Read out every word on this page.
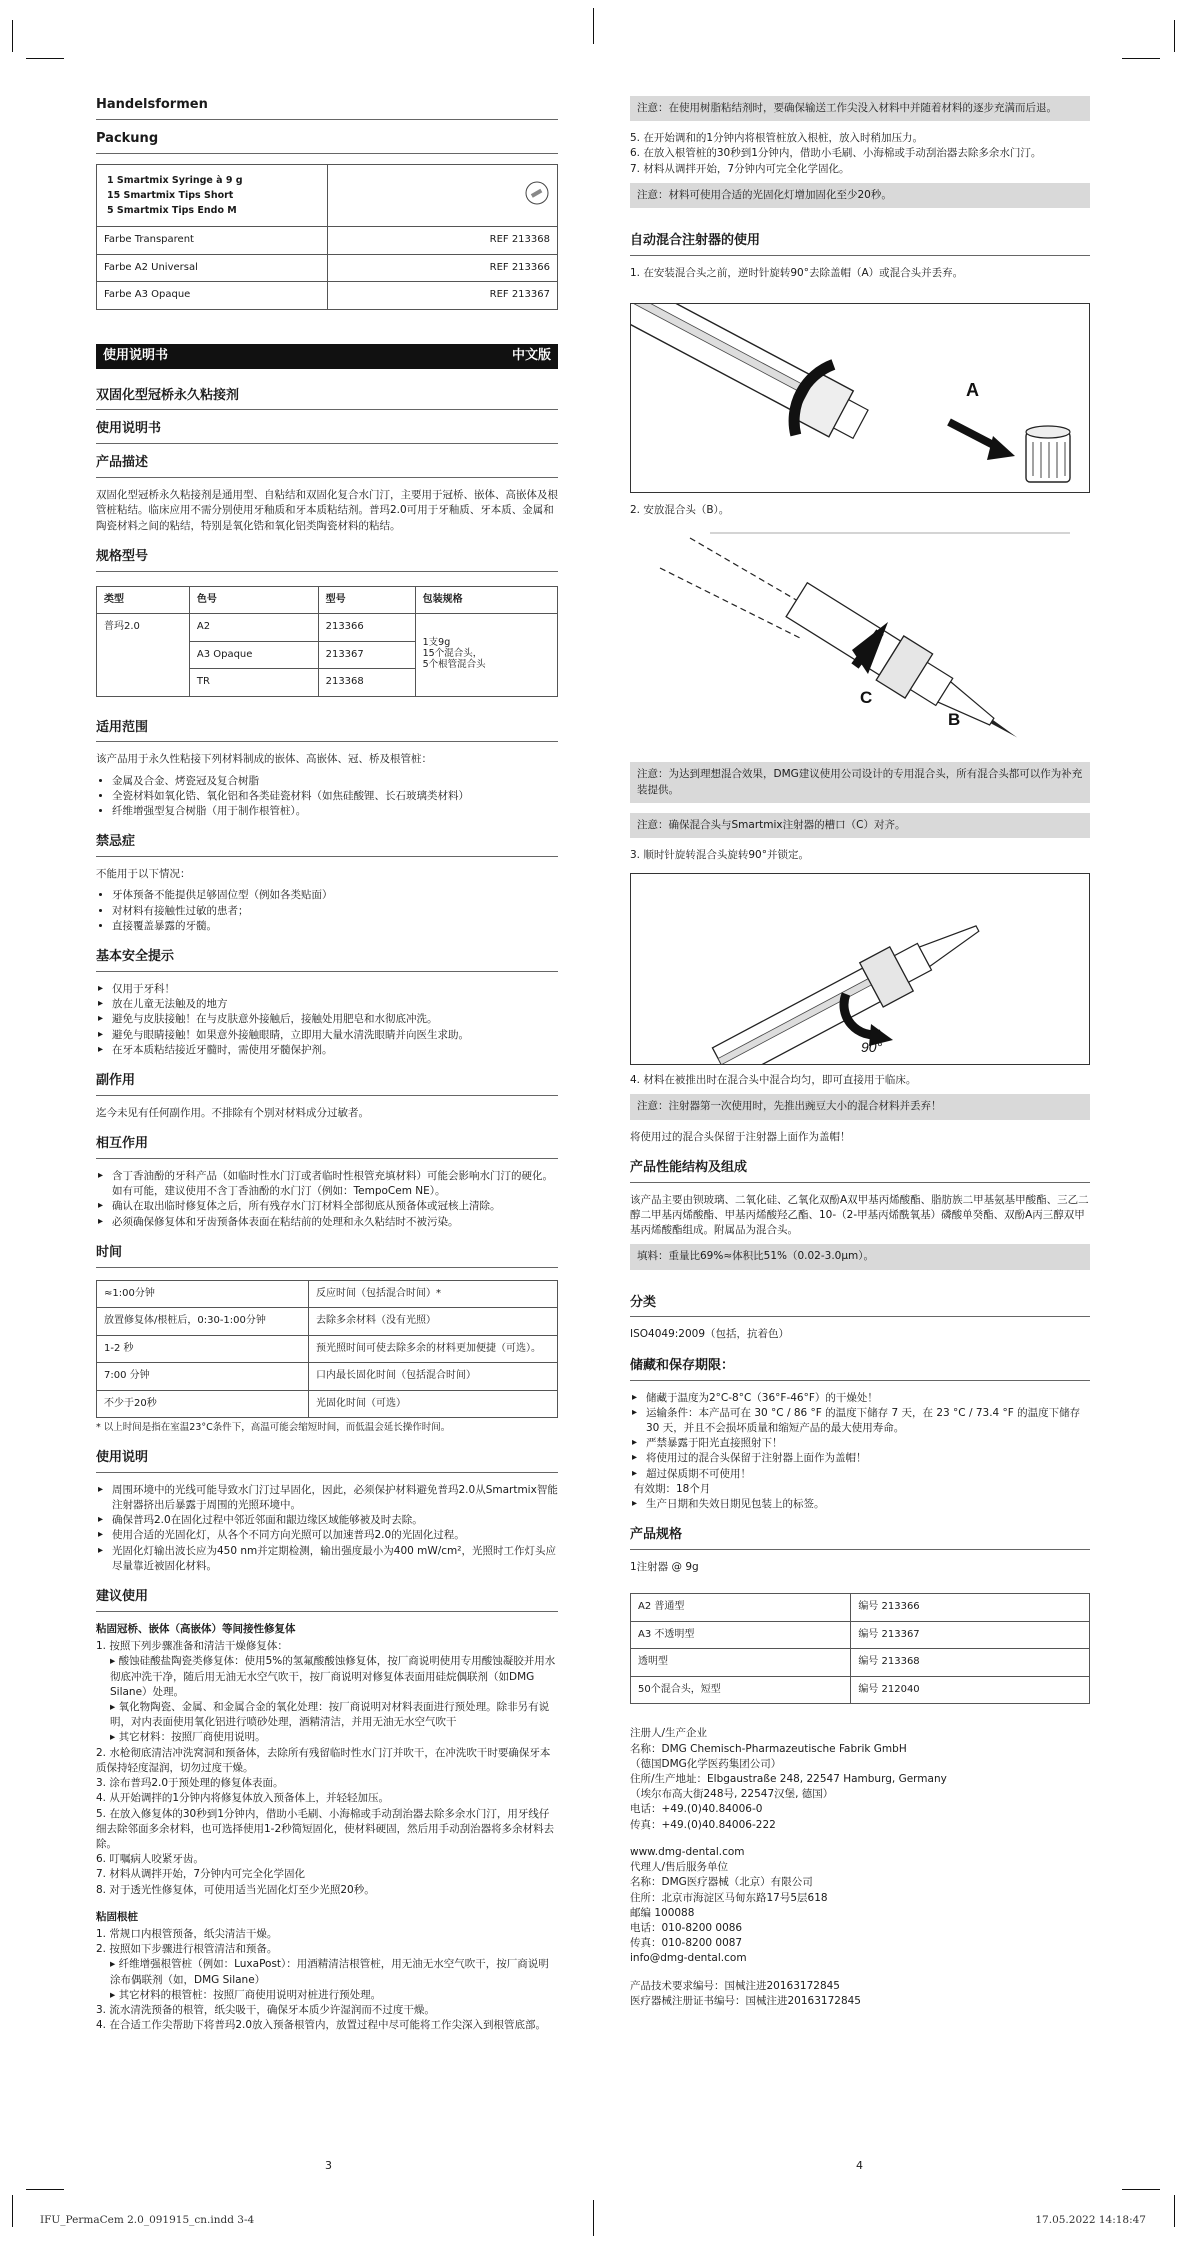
Handelsformen
Packung
1 Smartmix Syringe à 9 g
15 Smartmix Tips Short
5 Smartmix Tips Endo M

Farbe Transparent	REF 213368
Farbe A2 Universal	REF 213366
Farbe A3 Opaque	REF 213367
使用说明书	中文版
双固化型冠桥永久粘接剂
使用说明书
产品描述

双固化型冠桥永久粘接剂是通用型、自粘结和双固化复合水门汀，主要用于冠桥、嵌体、高嵌体及根管桩粘结。临床应用不需分别使用牙釉质和牙本质粘结剂。普玛2.0可用于牙釉质、牙本质、金属和陶瓷材料之间的粘结，特别是氧化锆和氧化铝类陶瓷材料的粘结。

规格型号
类型	色号	型号	包装规格
普玛2.0	A2	213366	1支9g
15个混合头，
5个根管混合头

	A3 Opaque	213367	
	TR	213368	
适用范围

该产品用于永久性粘接下列材料制成的嵌体、高嵌体、冠、桥及根管桩：

• 金属及合金、烤瓷冠及复合树脂
• 全瓷材料如氧化锆、氧化铝和各类硅瓷材料（如焦硅酸锂、长石玻璃类材料）
• 纤维增强型复合树脂（用于制作根管桩）。
禁忌症

不能用于以下情况：

• 牙体预备不能提供足够固位型（例如各类贴面）
• 对材料有接触性过敏的患者；
• 直接覆盖暴露的牙髓。
基本安全提示
▸ 仅用于牙科！
▸ 放在儿童无法触及的地方
▸ 避免与皮肤接触！在与皮肤意外接触后，接触处用肥皂和水彻底冲洗。
▸ 避免与眼睛接触！如果意外接触眼睛，立即用大量水清洗眼睛并向医生求助。
▸ 在牙本质粘结接近牙髓时，需使用牙髓保护剂。
副作用

迄今未见有任何副作用。不排除有个别对材料成分过敏者。

相互作用
▸ 含丁香油酚的牙科产品（如临时性水门汀或者临时性根管充填材料）可能会影响水门汀的硬化。如有可能，建议使用不含丁香油酚的水门汀（例如：TempoCem NE）。
▸ 确认在取出临时修复体之后，所有残存水门汀材料全部彻底从预备体或冠核上清除。
▸ 必须确保修复体和牙齿预备体表面在粘结前的处理和永久粘结时不被污染。
时间
≈1:00分钟	反应时间（包括混合时间）*
放置修复体/根桩后，0:30-1:00分钟	去除多余材料（没有光照）
1-2 秒	预光照时间可使去除多余的材料更加便捷（可选）。
7:00 分钟	口内最长固化时间（包括混合时间）
不少于20秒	光固化时间（可选）

* 以上时间是指在室温23°C条件下，高温可能会缩短时间，而低温会延长操作时间。

使用说明
▸ 周围环境中的光线可能导致水门汀过早固化，因此，必须保护材料避免普玛2.0从Smartmix智能注射器挤出后暴露于周围的光照环境中。
▸ 确保普玛2.0在固化过程中邻近邻面和龈边缘区域能够被及时去除。
▸ 使用合适的光固化灯，从各个不同方向光照可以加速普玛2.0的光固化过程。
▸ 光固化灯输出波长应为450 nm并定期检测，输出强度最小为400 mW/cm²，光照时工作灯头应尽量靠近被固化材料。
建议使用
粘固冠桥、嵌体（高嵌体）等间接性修复体
1. 按照下列步骤准备和清洁干燥修复体：
▸ 酸蚀硅酸盐陶瓷类修复体：使用5%的氢氟酸酸蚀修复体，按厂商说明使用专用酸蚀凝胶并用水彻底冲洗干净，随后用无油无水空气吹干，按厂商说明对修复体表面用硅烷偶联剂（如DMG Silane）处理。
▸ 氧化物陶瓷、金属、和金属合金的氧化处理：按厂商说明对材料表面进行预处理。除非另有说明，对内表面使用氧化铝进行喷砂处理，酒精清洁，并用无油无水空气吹干
▸ 其它材料：按照厂商使用说明。
2. 水枪彻底清洁冲洗窝洞和预备体，去除所有残留临时性水门汀并吹干，在冲洗吹干时要确保牙本质保持轻度湿润，切勿过度干燥。
3. 涂布普玛2.0于预处理的修复体表面。
4. 从开始调拌的1分钟内将修复体放入预备体上，并轻轻加压。
5. 在放入修复体的30秒到1分钟内，借助小毛刷、小海棉或手动刮治器去除多余水门汀，用牙线仔细去除邻面多余材料，也可选择使用1-2秒简短固化，使材料硬固，然后用手动刮治器将多余材料去除。
6. 叮嘱病人咬紧牙齿。
7. 材料从调拌开始，7分钟内可完全化学固化
8. 对于透光性修复体，可使用适当光固化灯至少光照20秒。
粘固根桩
1. 常规口内根管预备，纸尖清洁干燥。
2. 按照如下步骤进行根管清洁和预备。
▸ 纤维增强根管桩（例如：LuxaPost）：用酒精清洁根管桩，用无油无水空气吹干，按厂商说明涂布偶联剂（如，DMG Silane）
▸ 其它材料的根管桩：按照厂商使用说明对桩进行预处理。
3. 流水清洗预备的根管，纸尖吸干，确保牙本质少许湿润而不过度干燥。
4. 在合适工作尖帮助下将普玛2.0放入预备根管内，放置过程中尽可能将工作尖深入到根管底部。
注意：在使用树脂粘结剂时，要确保输送工作尖没入材料中并随着材料的逐步充满而后退。
5. 在开始调和的1分钟内将根管桩放入根桩，放入时稍加压力。
6. 在放入根管桩的30秒到1分钟内，借助小毛刷、小海棉或手动刮治器去除多余水门汀。
7. 材料从调拌开始，7分钟内可完全化学固化。
注意：材料可使用合适的光固化灯增加固化至少20秒。
自动混合注射器的使用

1. 在安装混合头之前，逆时针旋转90°去除盖帽（A）或混合头并丢弃。

A

2. 安放混合头（B）。

C
B
注意：为达到理想混合效果，DMG建议使用公司设计的专用混合头，所有混合头都可以作为补充装提供。
注意：确保混合头与Smartmix注射器的槽口（C）对齐。

3. 顺时针旋转混合头旋转90°并锁定。

90°

4. 材料在被推出时在混合头中混合均匀，即可直接用于临床。

注意：注射器第一次使用时，先推出豌豆大小的混合材料并丢弃！

将使用过的混合头保留于注射器上面作为盖帽！

产品性能结构及组成

该产品主要由钡玻璃、二氧化硅、乙氧化双酚A双甲基丙烯酸酯、脂肪族二甲基氨基甲酸酯、三乙二醇二甲基丙烯酸酯、甲基丙烯酸羟乙酯、10-（2-甲基丙烯酰氧基）磷酸单癸酯、双酚A丙三醇双甲基丙烯酸酯组成。附属品为混合头。

填料：重量比69%≈体积比51%（0.02-3.0μm）。
分类

ISO4049:2009（包括，抗着色）

储藏和保存期限：
▸ 储藏于温度为2°C-8°C（36°F-46°F）的干燥处！
▸ 运输条件：本产品可在 30 °C / 86 °F 的温度下储存 7 天，在 23 °C / 73.4 °F 的温度下储存 30 天，并且不会损坏质量和缩短产品的最大使用寿命。
▸ 严禁暴露于阳光直接照射下！
▸ 将使用过的混合头保留于注射器上面作为盖帽！
▸ 超过保质期不可使用！
有效期：18个月
▸ 生产日期和失效日期见包装上的标签。
产品规格

1注射器 @ 9g

A2 普通型	编号 213366
A3 不透明型	编号 213367
透明型	编号 213368
50个混合头，短型	编号 212040
注册人/生产企业
名称：DMG Chemisch-Pharmazeutische Fabrik GmbH
（德国DMG化学医药集团公司）
住所/生产地址：Elbgaustraße 248, 22547 Hamburg, Germany
（埃尔布高大街248号, 22547汉堡, 德国）
电话：+49.(0)40.84006-0
传真：+49.(0)40.84006-222
www.dmg-dental.com
代理人/售后服务单位
名称：DMG医疗器械（北京）有限公司
住所：北京市海淀区马甸东路17号5层618
邮编 100088
电话：010-8200 0086
传真：010-8200 0087
info@dmg-dental.com
产品技术要求编号：国械注进20163172845
医疗器械注册证书编号：国械注进20163172845
3	4
IFU_PermaCem 2.0_091915_cn.indd 3-4	17.05.2022 14:18:47
